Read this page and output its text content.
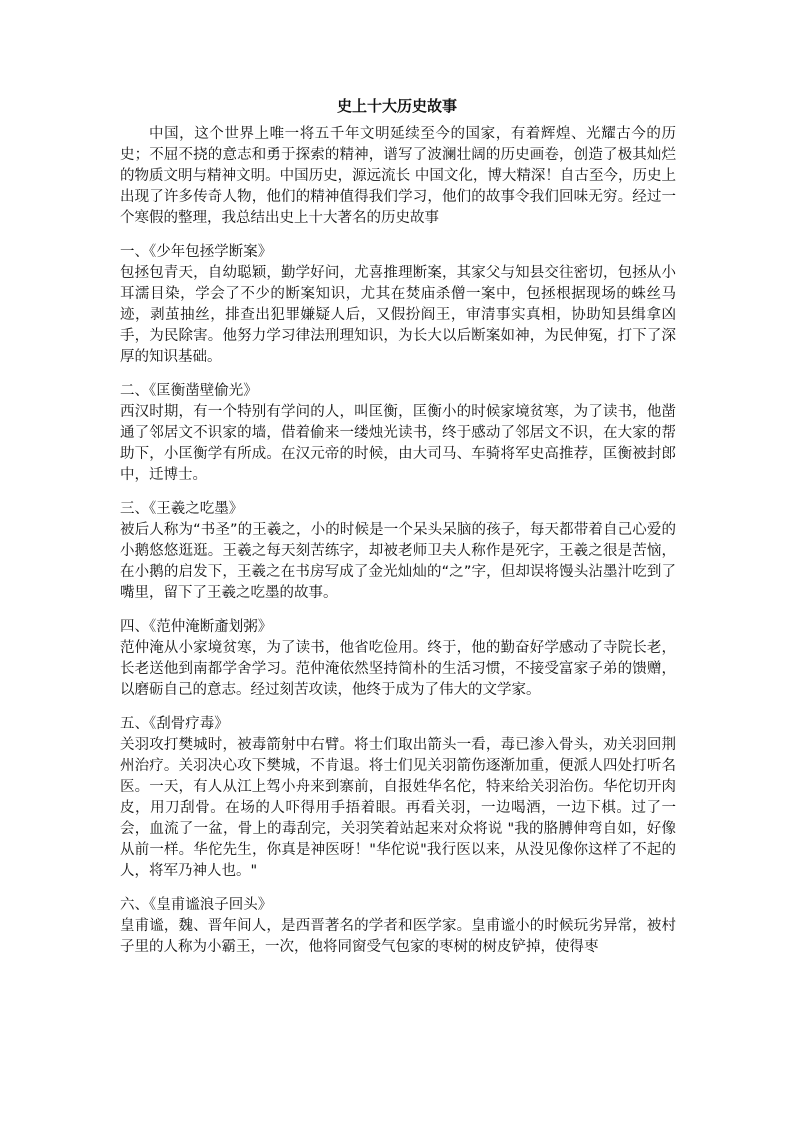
史上十大历史故事

中国，这个世界上唯一将五千年文明延续至今的国家，有着辉煌、光耀古今的历史；不屈不挠的意志和勇于探索的精神，谱写了波澜壮阔的历史画卷，创造了极其灿烂的物质文明与精神文明。中国历史，源远流长 中国文化，博大精深！自古至今，历史上出现了许多传奇人物，他们的精神值得我们学习，他们的故事令我们回味无穷。经过一个寒假的整理，我总结出史上十大著名的历史故事

一、《少年包拯学断案》

包拯包青天，自幼聪颖，勤学好问，尤喜推理断案，其家父与知县交往密切，包拯从小耳濡目染，学会了不少的断案知识，尤其在焚庙杀僧一案中，包拯根据现场的蛛丝马迹，剥茧抽丝，排查出犯罪嫌疑人后，又假扮阎王，审清事实真相，协助知县缉拿凶手，为民除害。他努力学习律法刑理知识，为长大以后断案如神，为民伸冤，打下了深厚的知识基础。

二、《匡衡凿壁偷光》

西汉时期，有一个特别有学问的人，叫匡衡，匡衡小的时候家境贫寒，为了读书，他凿通了邻居文不识家的墙，借着偷来一缕烛光读书，终于感动了邻居文不识，在大家的帮助下，小匡衡学有所成。在汉元帝的时候，由大司马、车骑将军史高推荐，匡衡被封郎中，迁博士。

三、《王羲之吃墨》

被后人称为“书圣”的王羲之，小的时候是一个呆头呆脑的孩子，每天都带着自己心爱的小鹅悠悠逛逛。王羲之每天刻苦练字，却被老师卫夫人称作是死字，王羲之很是苦恼，在小鹅的启发下，王羲之在书房写成了金光灿灿的“之”字，但却误将馒头沾墨汁吃到了嘴里，留下了王羲之吃墨的故事。

四、《范仲淹断齑划粥》

范仲淹从小家境贫寒，为了读书，他省吃俭用。终于，他的勤奋好学感动了寺院长老，长老送他到南都学舍学习。范仲淹依然坚持简朴的生活习惯，不接受富家子弟的馈赠，以磨砺自己的意志。经过刻苦攻读，他终于成为了伟大的文学家。

五、《刮骨疗毒》

关羽攻打樊城时，被毒箭射中右臂。将士们取出箭头一看，毒已渗入骨头，劝关羽回荆州治疗。关羽决心攻下樊城，不肯退。将士们见关羽箭伤逐渐加重，便派人四处打听名医。一天，有人从江上驾小舟来到寨前，自报姓华名佗，特来给关羽治伤。华佗切开肉皮，用刀刮骨。在场的人吓得用手捂着眼。再看关羽，一边喝酒，一边下棋。过了一会，血流了一盆，骨上的毒刮完，关羽笑着站起来对众将说 "我的胳膊伸弯自如，好像从前一样。华佗先生，你真是神医呀！"华佗说"我行医以来，从没见像你这样了不起的人，将军乃神人也。"

六、《皇甫谧浪子回头》

皇甫谧，魏、晋年间人，是西晋著名的学者和医学家。皇甫谧小的时候玩劣异常，被村子里的人称为小霸王，一次，他将同窗受气包家的枣树的树皮铲掉，使得枣
